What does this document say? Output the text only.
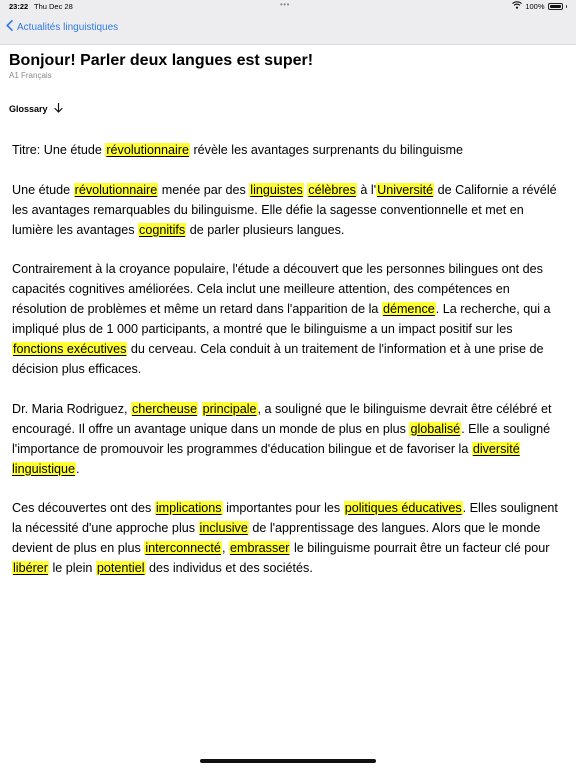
23:22 Thu Dec 28	•••	100%
Actualités linguistiques
Bonjour! Parler deux langues est super!
A1 Français
Glossary

Titre: Une étude révolutionnaire révèle les avantages surprenants du bilinguisme

Une étude révolutionnaire menée par des linguistes célèbres à l'Université de Californie a révélé les avantages remarquables du bilinguisme. Elle défie la sagesse conventionnelle et met en lumière les avantages cognitifs de parler plusieurs langues.

Contrairement à la croyance populaire, l'étude a découvert que les personnes bilingues ont des capacités cognitives améliorées. Cela inclut une meilleure attention, des compétences en résolution de problèmes et même un retard dans l'apparition de la démence. La recherche, qui a impliqué plus de 1 000 participants, a montré que le bilinguisme a un impact positif sur les fonctions exécutives du cerveau. Cela conduit à un traitement de l'information et à une prise de décision plus efficaces.

Dr. Maria Rodriguez, chercheuse principale, a souligné que le bilinguisme devrait être célébré et encouragé. Il offre un avantage unique dans un monde de plus en plus globalisé. Elle a souligné l'importance de promouvoir les programmes d'éducation bilingue et de favoriser la diversité linguistique.

Ces découvertes ont des implications importantes pour les politiques éducatives. Elles soulignent la nécessité d'une approche plus inclusive de l'apprentissage des langues. Alors que le monde devient de plus en plus interconnecté, embrasser le bilinguisme pourrait être un facteur clé pour libérer le plein potentiel des individus et des sociétés.
